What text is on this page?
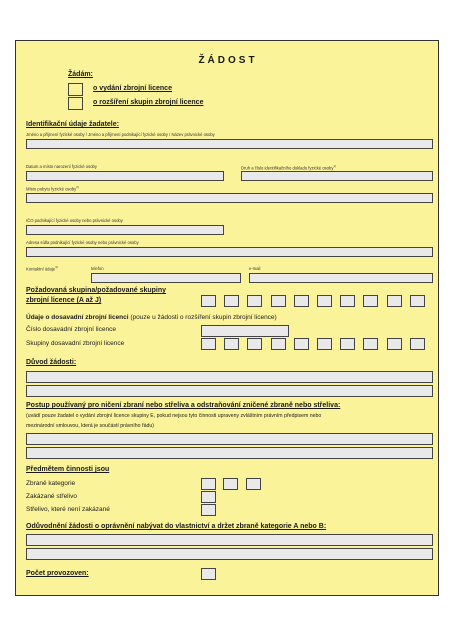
ŽÁDOST
Žádám:
o vydání zbrojní licence
o rozšíření skupin zbrojní licence
Identifikační údaje žadatele:
Jméno a příjmení fyzické osoby / Jméno a příjmení podnikající fyzické osoby / Název právnické osoby
Datum a místo narození fyzické osoby	Druh a číslo identifikačního dokladu fyzické osoby$^{1)}$
Místo pobytu fyzické osoby$^{2)}$
IČO podnikající fyzické osoby nebo právnické osoby
Adresa sídla podnikající fyzické osoby nebo právnické osoby
Kontaktní údaje$^{3)}$	telefon	e-mail
Požadovaná skupina/požadované skupiny
zbrojní licence (A až J)
Údaje o dosavadní zbrojní licenci (pouze u žádosti o rozšíření skupin zbrojní licence)
Číslo dosavadní zbrojní licence
Skupiny dosavadní zbrojní licence
Důvod žádosti:
Postup používaný pro ničení zbraní nebo střeliva a odstraňování zničené zbraně nebo střeliva:
(uvádí pouze žadatel o vydání zbrojní licence skupiny E, pokud nejsou tyto činnosti upraveny zvláštním právním předpisem nebo
mezinárodní smlouvou, která je součástí právního řádu)
Předmětem činnosti jsou
Zbraně kategorie
Zakázané střelivo
Střelivo, které není zakázané
Odůvodnění žádosti o oprávnění nabývat do vlastnictví a držet zbraně kategorie A nebo B:
Počet provozoven:
